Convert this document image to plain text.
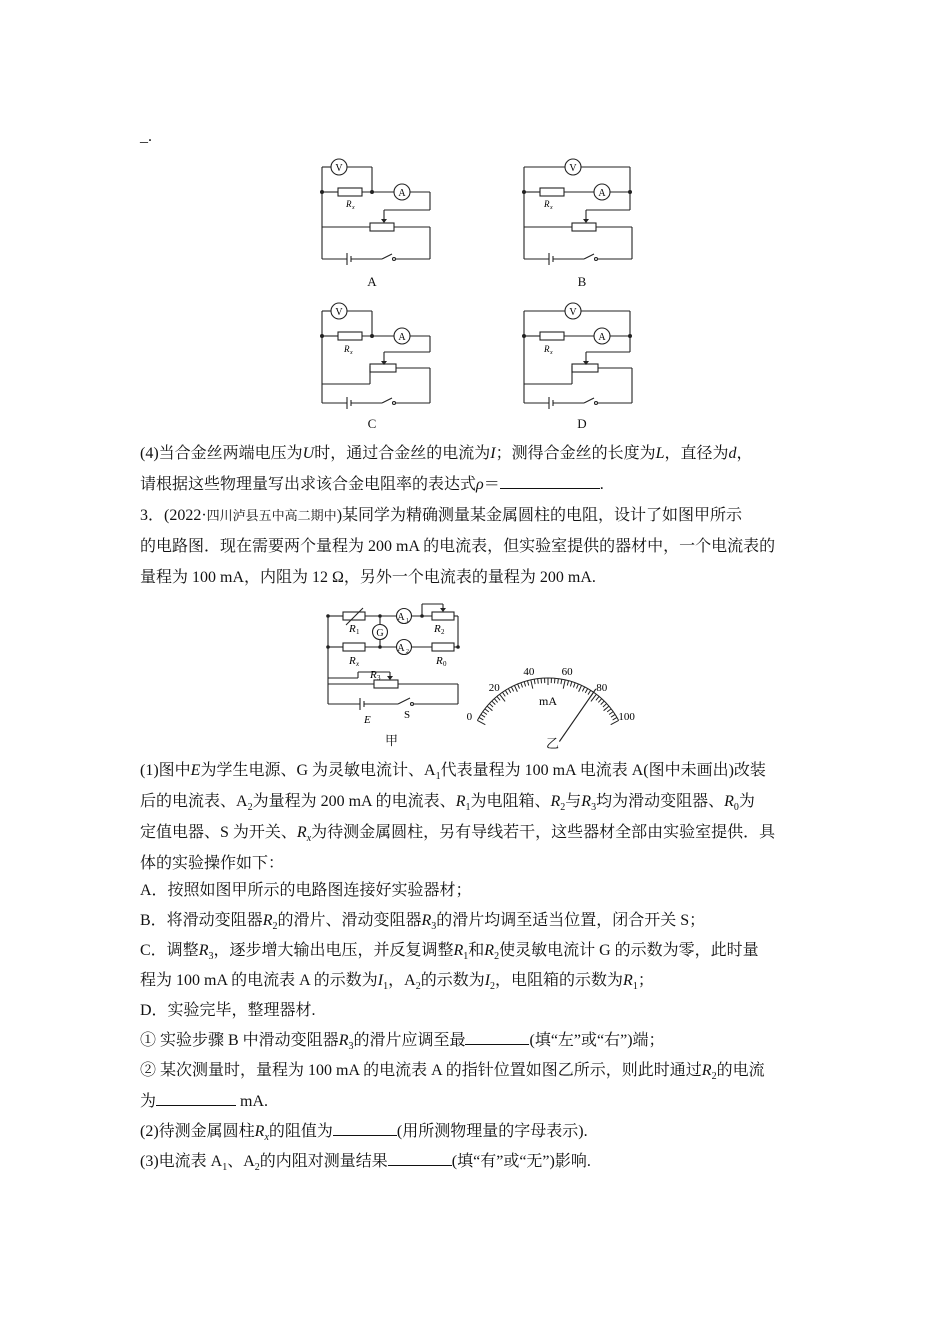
_.
V
A
R x
A
V
A
R x
B
V
A
R x
C
V
A
R x
D
(4)当合金丝两端电压为U时，通过合金丝的电流为I；测得合金丝的长度为L，直径为d，
请根据这些物理量写出求该合金电阻率的表达式ρ＝	.
3．(2022·四川泸县五中高二期中)某同学为精确测量某金属圆柱的电阻，设计了如图甲所示
的电路图．现在需要两个量程为 200 mA 的电流表，但实验室提供的器材中，一个电流表的
量程为 100 mA，内阻为 12 Ω，另外一个电流表的量程为 200 mA.
R 1 G
A 1
R 2
R x
A 2
R 0
R 3
E	S
甲
0
20
40 60
80
100
mA
乙
(1)图中E为学生电源、G 为灵敏电流计、$A_1$代表量程为 100 mA 电流表 A(图中未画出)改装
后的电流表、$A_2$为量程为 200 mA 的电流表、$R_1$为电阻箱、$R_2$与$R_3$均为滑动变阻器、$R_0$为
定值电器、S 为开关、$R_x$为待测金属圆柱，另有导线若干，这些器材全部由实验室提供．具
体的实验操作如下：
A．按照如图甲所示的电路图连接好实验器材；
B．将滑动变阻器$R_2$的滑片、滑动变阻器$R_3$的滑片均调至适当位置，闭合开关 S；
C．调整$R_3$，逐步增大输出电压，并反复调整$R_1$和$R_2$使灵敏电流计 G 的示数为零，此时量
程为 100 mA 的电流表 A 的示数为$I_1$，$A_2$的示数为$I_2$，电阻箱的示数为$R_1$；
D．实验完毕，整理器材.
① 实验步骤 B 中滑动变阻器$R_3$的滑片应调至最	(填“左”或“右”)端；
② 某次测量时，量程为 100 mA 的电流表 A 的指针位置如图乙所示，则此时通过$R_2$的电流
为	mA.
(2)待测金属圆柱$R_x$的阻值为	(用所测物理量的字母表示).
(3)电流表 $A_1$、$A_2$的内阻对测量结果	(填“有”或“无”)影响.
